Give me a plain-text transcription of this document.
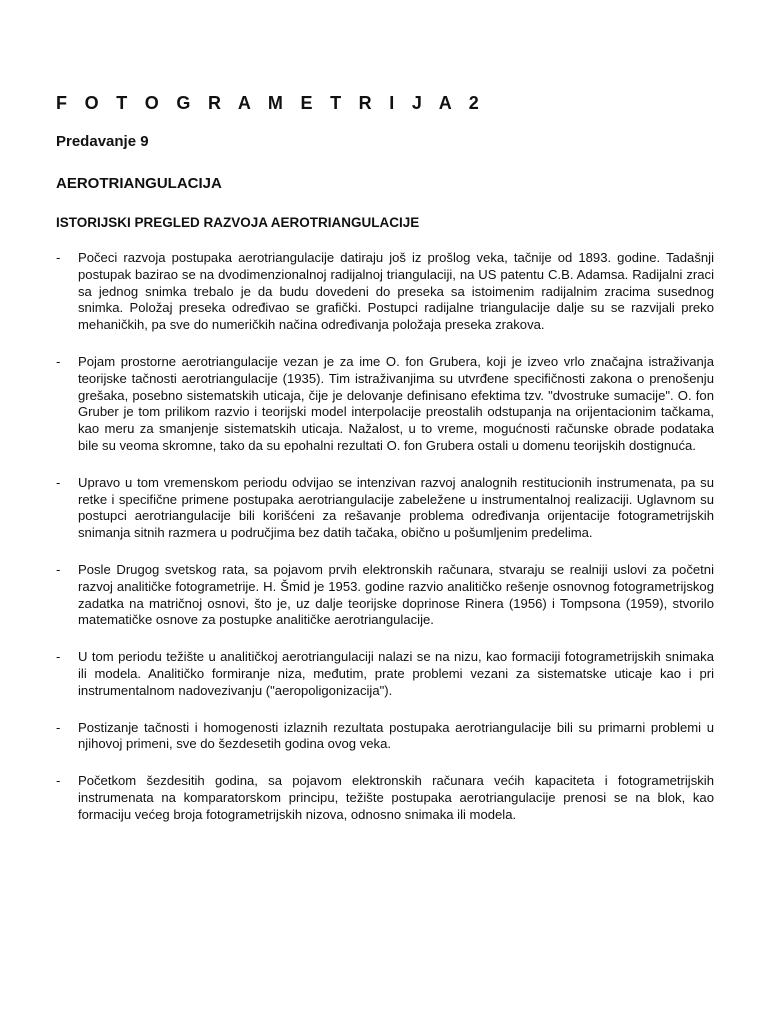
F O T O G R A M E T R I J A 2
Predavanje 9
AEROTRIANGULACIJA
ISTORIJSKI PREGLED RAZVOJA AEROTRIANGULACIJE
- Počeci razvoja postupaka aerotriangulacije datiraju još iz prošlog veka, tačnije od 1893. godine. Tadašnji postupak bazirao se na dvodimenzionalnoj radijalnoj triangulaciji, na US patentu C.B. Adamsa. Radijalni zraci sa jednog snimka trebalo je da budu dovedeni do preseka sa istoimenim radijalnim zracima susednog snimka. Položaj preseka određivao se grafički. Postupci radijalne triangulacije dalje su se razvijali preko mehaničkih, pa sve do numeričkih načina određivanja položaja preseka zrakova.
- Pojam prostorne aerotriangulacije vezan je za ime O. fon Grubera, koji je izveo vrlo značajna istraživanja teorijske tačnosti aerotriangulacije (1935). Tim istraživanjima su utvrđene specifičnosti zakona o prenošenju grešaka, posebno sistematskih uticaja, čije je delovanje definisano efektima tzv. "dvostruke sumacije". O. fon Gruber je tom prilikom razvio i teorijski model interpolacije preostalih odstupanja na orijentacionim tačkama, kao meru za smanjenje sistematskih uticaja. Nažalost, u to vreme, mogućnosti računske obrade podataka bile su veoma skromne, tako da su epohalni rezultati O. fon Grubera ostali u domenu teorijskih dostignuća.
- Upravo u tom vremenskom periodu odvijao se intenzivan razvoj analognih restitucionih instrumenata, pa su retke i specifične primene postupaka aerotriangulacije zabeležene u instrumentalnoj realizaciji. Uglavnom su postupci aerotriangulacije bili korišćeni za rešavanje problema određivanja orijentacije fotogrametrijskih snimanja sitnih razmera u područjima bez datih tačaka, obično u pošumljenim predelima.
- Posle Drugog svetskog rata, sa pojavom prvih elektronskih računara, stvaraju se realniji uslovi za početni razvoj analitičke fotogrametrije. H. Šmid je 1953. godine razvio analitičko rešenje osnovnog fotogrametrijskog zadatka na matričnoj osnovi, što je, uz dalje teorijske doprinose Rinera (1956) i Tompsona (1959), stvorilo matematičke osnove za postupke analitičke aerotriangulacije.
- U tom periodu težište u analitičkoj aerotriangulaciji nalazi se na nizu, kao formaciji fotogrametrijskih snimaka ili modela. Analitičko formiranje niza, međutim, prate problemi vezani za sistematske uticaje kao i pri instrumentalnom nadovezivanju ("aeropoligonizacija").
- Postizanje tačnosti i homogenosti izlaznih rezultata postupaka aerotriangulacije bili su primarni problemi u njihovoj primeni, sve do šezdesetih godina ovog veka.
- Početkom šezdesitih godina, sa pojavom elektronskih računara većih kapaciteta i fotogrametrijskih instrumenata na komparatorskom principu, težište postupaka aerotriangulacije prenosi se na blok, kao formaciju većeg broja fotogrametrijskih nizova, odnosno snimaka ili modela.
